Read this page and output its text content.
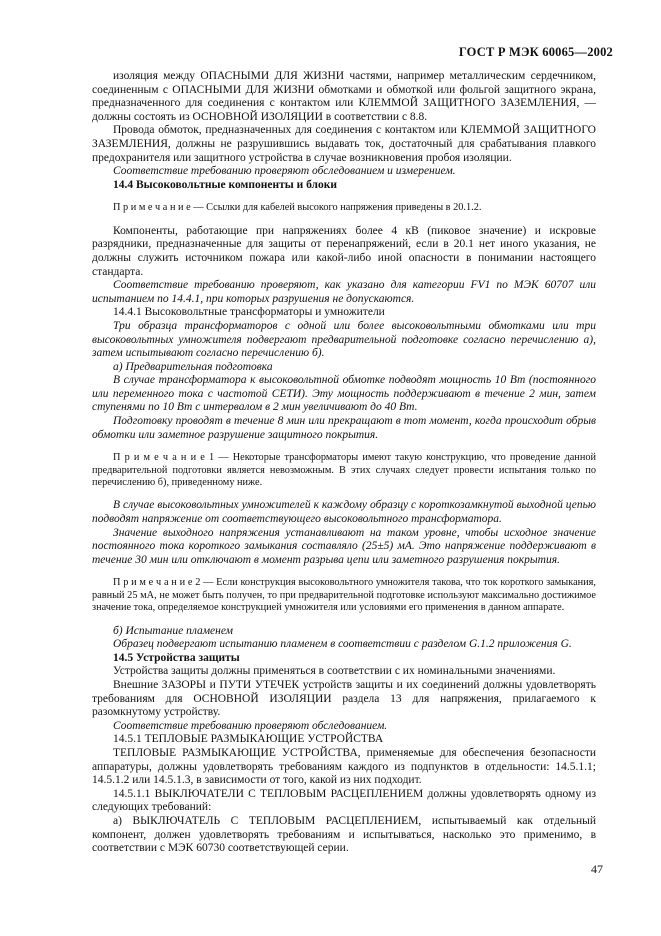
ГОСТ Р МЭК 60065—2002

изоляция между ОПАСНЫМИ ДЛЯ ЖИЗНИ частями, например металлическим сердечником, соединенным с ОПАСНЫМИ ДЛЯ ЖИЗНИ обмотками и обмоткой или фольгой защитного экрана, предназначенного для соединения с контактом или КЛЕММОЙ ЗАЩИТНОГО ЗАЗЕМЛЕНИЯ, — должны состоять из ОСНОВНОЙ ИЗОЛЯЦИИ в соответствии с 8.8.

Провода обмоток, предназначенных для соединения с контактом или КЛЕММОЙ ЗАЩИТНОГО ЗАЗЕМЛЕНИЯ, должны не разрушившись выдавать ток, достаточный для срабатывания плавкого предохранителя или защитного устройства в случае возникновения пробоя изоляции.

Соответствие требованию проверяют обследованием и измерением.

14.4 Высоковольтные компоненты и блоки

П р и м е ч а н и е — Ссылки для кабелей высокого напряжения приведены в 20.1.2.

Компоненты, работающие при напряжениях более 4 кВ (пиковое значение) и искровые разрядники, предназначенные для защиты от перенапряжений, если в 20.1 нет иного указания, не должны служить источником пожара или какой-либо иной опасности в понимании настоящего стандарта.

Соответствие требованию проверяют, как указано для категории FV1 по МЭК 60707 или испытанием по 14.4.1, при которых разрушения не допускаются.

14.4.1 Высоковольтные трансформаторы и умножители

Три образца трансформаторов с одной или более высоковольтными обмотками или три высоковольтных умножителя подвергают предварительной подготовке согласно перечислению а), затем испытывают согласно перечислению б).

а) Предварительная подготовка

В случае трансформатора к высоковольтной обмотке подводят мощность 10 Вт (постоянного или переменного тока с частотой СЕТИ). Эту мощность поддерживают в течение 2 мин, затем ступенями по 10 Вт с интервалом в 2 мин увеличивают до 40 Вт.

Подготовку проводят в течение 8 мин или прекращают в тот момент, когда происходит обрыв обмотки или заметное разрушение защитного покрытия.

П р и м е ч а н и е 1 — Некоторые трансформаторы имеют такую конструкцию, что проведение данной предварительной подготовки является невозможным. В этих случаях следует провести испытания только по перечислению б), приведенному ниже.

В случае высоковольтных умножителей к каждому образцу с короткозамкнутой выходной цепью подводят напряжение от соответствующего высоковольтного трансформатора.

Значение выходного напряжения устанавливают на таком уровне, чтобы исходное значение постоянного тока короткого замыкания составляло (25±5) мА. Это напряжение поддерживают в течение 30 мин или отключают в момент разрыва цепи или заметного разрушения покрытия.

П р и м е ч а н и е 2 — Если конструкция высоковольтного умножителя такова, что ток короткого замыкания, равный 25 мА, не может быть получен, то при предварительной подготовке используют максимально достижимое значение тока, определяемое конструкцией умножителя или условиями его применения в данном аппарате.

б) Испытание пламенем

Образец подвергают испытанию пламенем в соответствии с разделом G.1.2 приложения G.

14.5 Устройства защиты

Устройства защиты должны применяться в соответствии с их номинальными значениями.

Внешние ЗАЗОРЫ и ПУТИ УТЕЧЕК устройств защиты и их соединений должны удовлетворять требованиям для ОСНОВНОЙ ИЗОЛЯЦИИ раздела 13 для напряжения, прилагаемого к разомкнутому устройству.

Соответствие требованию проверяют обследованием.

14.5.1 ТЕПЛОВЫЕ РАЗМЫКАЮЩИЕ УСТРОЙСТВА

ТЕПЛОВЫЕ РАЗМЫКАЮЩИЕ УСТРОЙСТВА, применяемые для обеспечения безопасности аппаратуры, должны удовлетворять требованиям каждого из подпунктов в отдельности: 14.5.1.1; 14.5.1.2 или 14.5.1.3, в зависимости от того, какой из них подходит.

14.5.1.1 ВЫКЛЮЧАТЕЛИ С ТЕПЛОВЫМ РАСЦЕПЛЕНИЕМ должны удовлетворять одному из следующих требований:

а) ВЫКЛЮЧАТЕЛЬ С ТЕПЛОВЫМ РАСЦЕПЛЕНИЕМ, испытываемый как отдельный компонент, должен удовлетворять требованиям и испытываться, насколько это применимо, в соответствии с МЭК 60730 соответствующей серии.

47
